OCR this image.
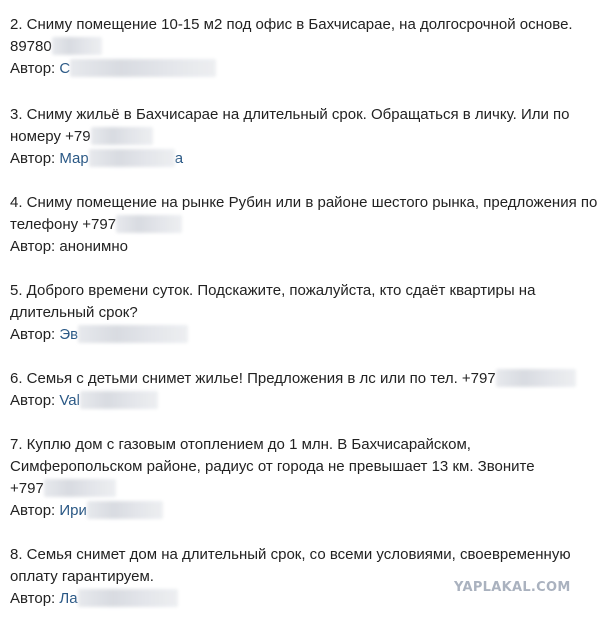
2. Сниму помещение 10-15 м2 под офис в Бахчисарае, на долгосрочной основе.
89780
Автор: С
3. Сниму жильё в Бахчисарае на длительный срок. Обращаться в личку. Или по
номеру +79
Автор: Мар	а
4. Сниму помещение на рынке Рубин или в районе шестого рынка, предложения по
телефону +797
Автор: анонимно
5. Доброго времени суток. Подскажите, пожалуйста, кто сдаёт квартиры на
длительный срок?
Автор: Эв
6. Семья с детьми снимет жилье! Предложения в лс или по тел. +797
Автор: Val
7. Куплю дом с газовым отоплением до 1 млн. В Бахчисарайском,
Симферопольском районе, радиус от города не превышает 13 км. Звоните
+797
Автор: Ири
8. Семья снимет дом на длительный срок, со всеми условиями, своевременную
оплату гарантируем.
Автор: Ла
YAPLAKAL.COM
